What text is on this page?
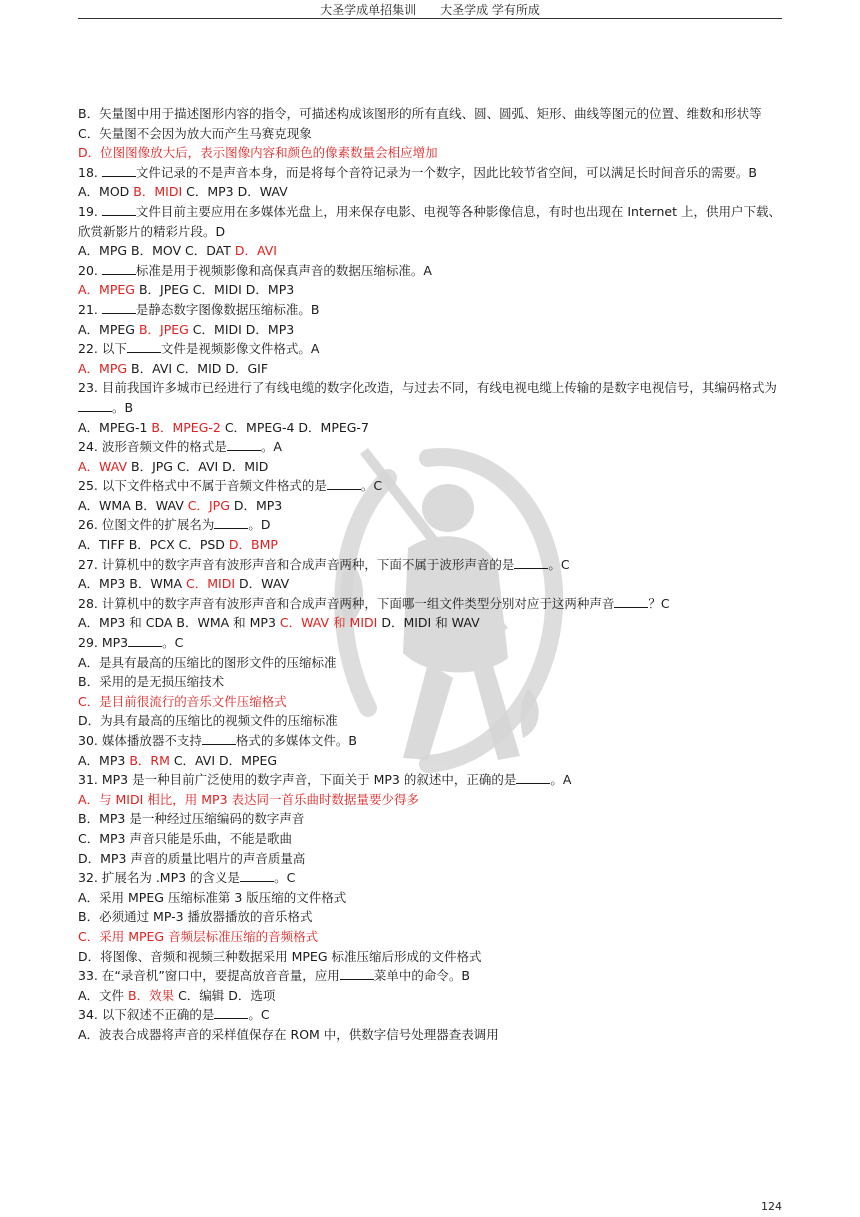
大圣学成单招集训　　大圣学成 学有所成
B．矢量图中用于描述图形内容的指令，可描述构成该图形的所有直线、圆、圆弧、矩形、曲线等图元的位置、维数和形状等
C．矢量图不会因为放大而产生马赛克现象
D．位图图像放大后，表示图像内容和颜色的像素数量会相应增加
18.	文件记录的不是声音本身，而是将每个音符记录为一个数字，因此比较节省空间，可以满足长时间音乐的需要。B
A．MOD B．MIDI C．MP3 D．WAV
19.	文件目前主要应用在多媒体光盘上，用来保存电影、电视等各种影像信息，有时也出现在 Internet 上，供用户下载、欣赏新影片的精彩片段。D
A．MPG B．MOV C．DAT D．AVI
20.	标准是用于视频影像和高保真声音的数据压缩标准。A
A．MPEG B．JPEG C．MIDI D．MP3
21.	是静态数字图像数据压缩标准。B
A．MPEG B．JPEG C．MIDI D．MP3
22. 以下	文件是视频影像文件格式。A
A．MPG B．AVI C．MID D．GIF
23. 目前我国许多城市已经进行了有线电缆的数字化改造，与过去不同，有线电视电缆上传输的是数字电视信号，其编码格式为。B
A．MPEG-1 B．MPEG-2 C．MPEG-4 D．MPEG-7
24. 波形音频文件的格式是	。A
A．WAV B．JPG C．AVI D．MID
25. 以下文件格式中不属于音频文件格式的是	。C
A．WMA B．WAV C．JPG D．MP3
26. 位图文件的扩展名为	。D
A．TIFF B．PCX C．PSD D．BMP
27. 计算机中的数字声音有波形声音和合成声音两种，下面不属于波形声音的是	。C
A．MP3 B．WMA C．MIDI D．WAV
28. 计算机中的数字声音有波形声音和合成声音两种，下面哪一组文件类型分别对应于这两种声音	？C
A．MP3 和 CDA B．WMA 和 MP3 C．WAV 和 MIDI D．MIDI 和 WAV
29. MP3	。C
A．是具有最高的压缩比的图形文件的压缩标准
B．采用的是无损压缩技术
C．是目前很流行的音乐文件压缩格式
D．为具有最高的压缩比的视频文件的压缩标准
30. 媒体播放器不支持	格式的多媒体文件。B
A．MP3 B．RM C．AVI D．MPEG
31. MP3 是一种目前广泛使用的数字声音，下面关于 MP3 的叙述中，正确的是	。A
A．与 MIDI 相比，用 MP3 表达同一首乐曲时数据量要少得多
B．MP3 是一种经过压缩编码的数字声音
C．MP3 声音只能是乐曲，不能是歌曲
D．MP3 声音的质量比唱片的声音质量高
32. 扩展名为 .MP3 的含义是	。C
A．采用 MPEG 压缩标准第 3 版压缩的文件格式
B．必须通过 MP-3 播放器播放的音乐格式
C．采用 MPEG 音频层标准压缩的音频格式
D．将图像、音频和视频三种数据采用 MPEG 标准压缩后形成的文件格式
33. 在“录音机”窗口中，要提高放音音量，应用	菜单中的命令。B
A．文件 B．效果 C．编辑 D．选项
34. 以下叙述不正确的是	。C
A．波表合成器将声音的采样值保存在 ROM 中，供数字信号处理器查表调用
124
